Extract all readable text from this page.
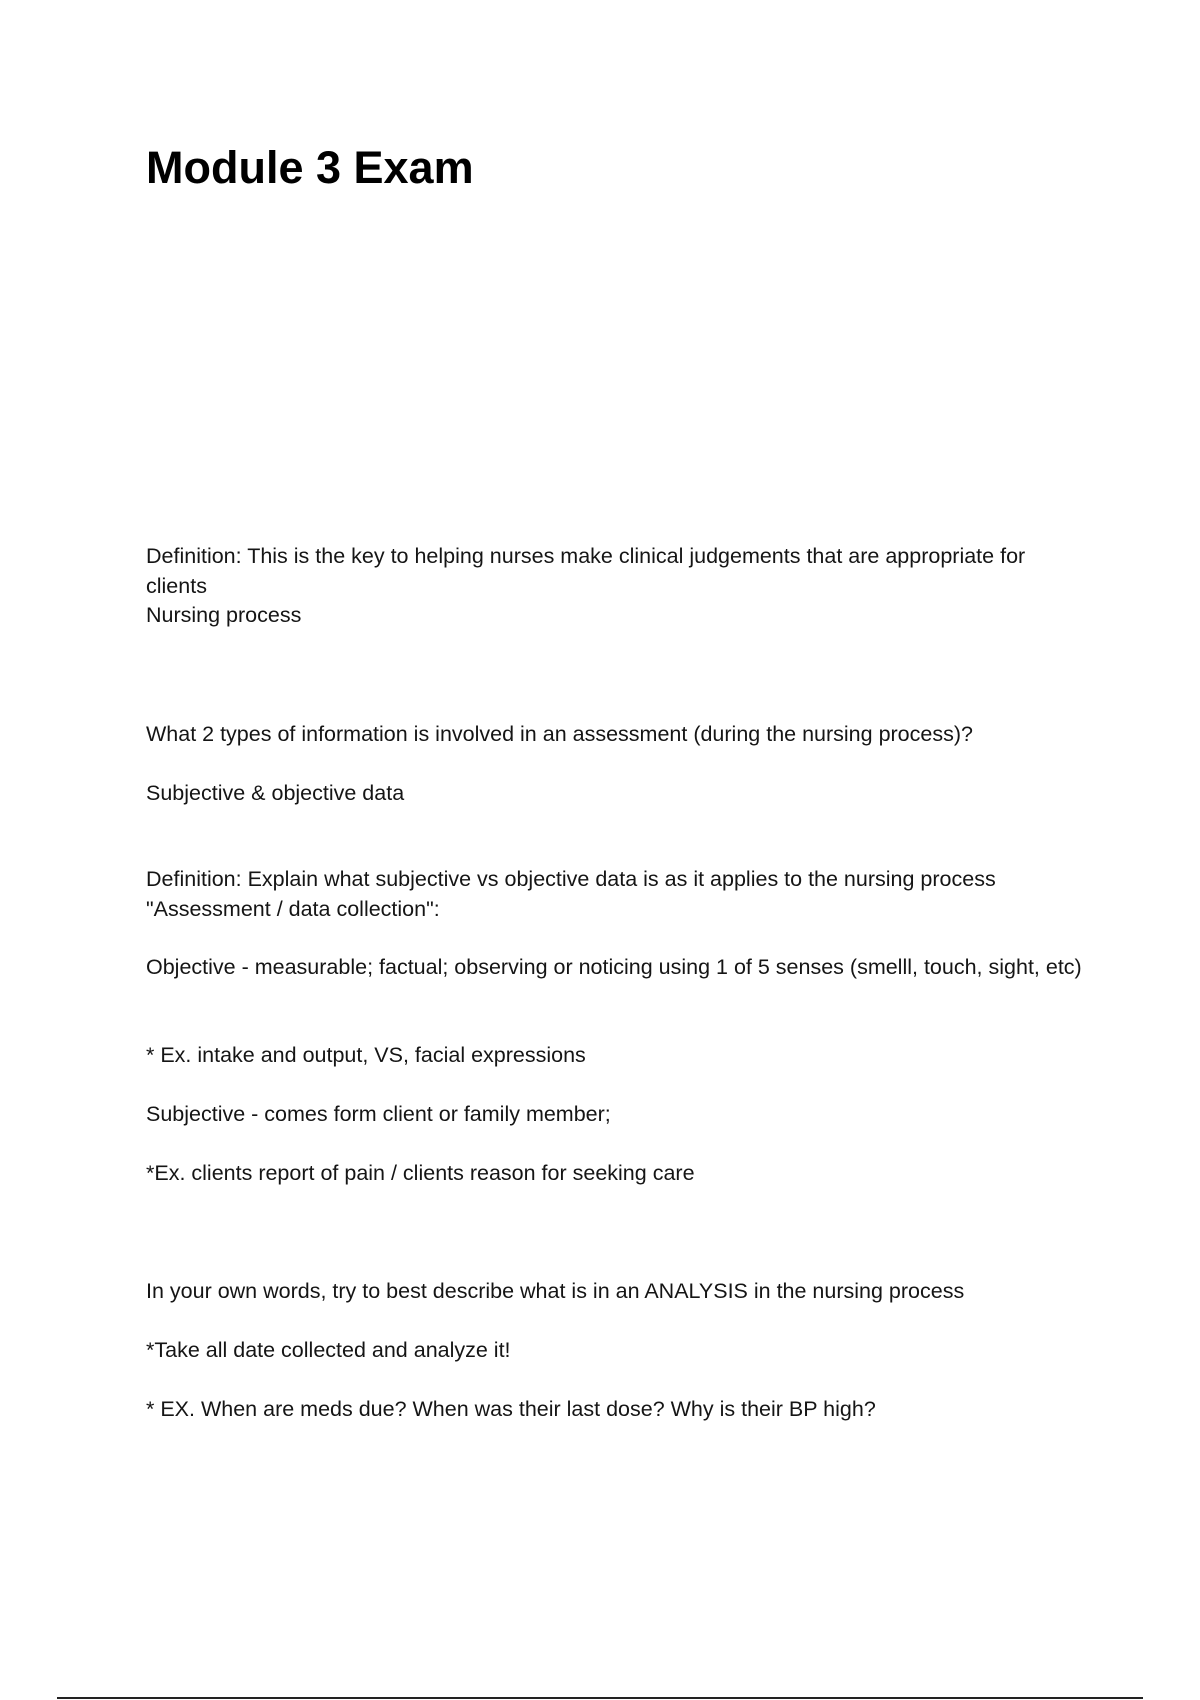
Module 3 Exam
Definition: This is the key to helping nurses make clinical judgements that are appropriate for clients
Nursing process
What 2 types of information is involved in an assessment (during the nursing process)?
Subjective & objective data
Definition: Explain what subjective vs objective data is as it applies to the nursing process "Assessment / data collection":
Objective - measurable; factual; observing or noticing using 1 of 5 senses (smelll, touch, sight, etc)
* Ex. intake and output, VS, facial expressions
Subjective - comes form client or family member;
*Ex. clients report of pain / clients reason for seeking care
In your own words, try to best describe what is in an ANALYSIS in the nursing process
*Take all date collected and analyze it!
* EX. When are meds due? When was their last dose? Why is their BP high?
